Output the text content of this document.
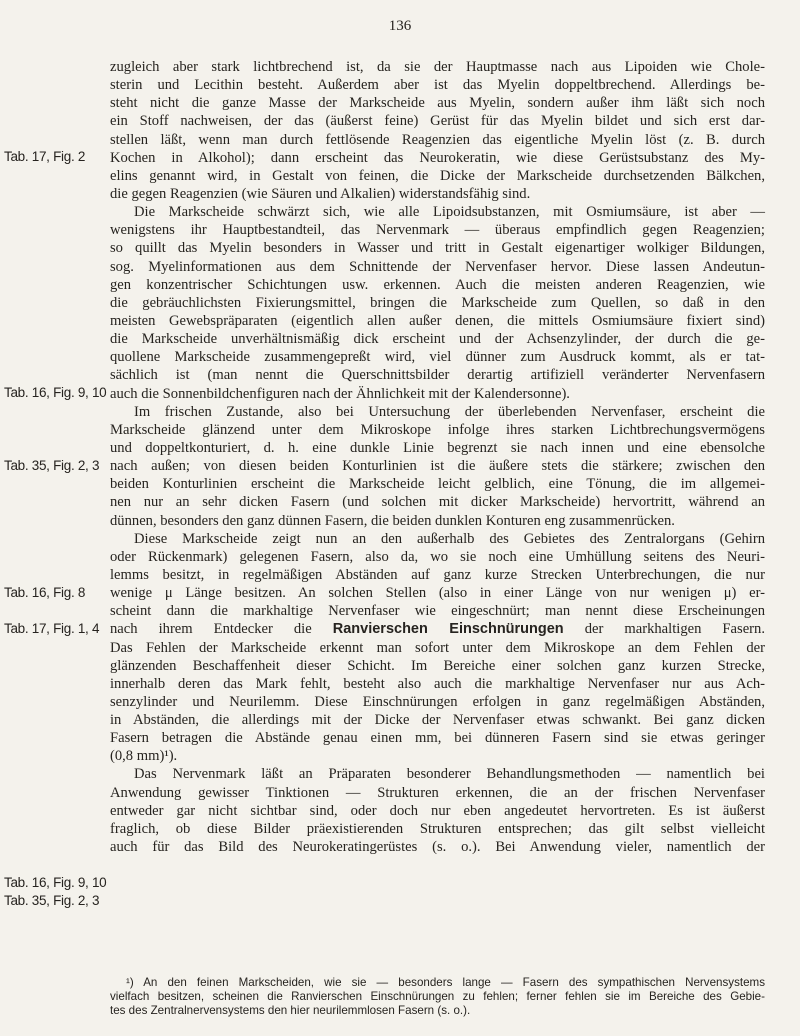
136
Tab. 17, Fig. 2
Tab. 16, Fig. 9, 10
Tab. 35, Fig. 2, 3
Tab. 16, Fig. 8
Tab. 17, Fig. 1, 4
Tab. 16, Fig. 9, 10
Tab. 35, Fig. 2, 3
zugleich aber stark lichtbrechend ist, da sie der Hauptmasse nach aus Lipoiden wie Chole-
sterin und Lecithin besteht. Außerdem aber ist das Myelin doppeltbrechend. Allerdings be-
steht nicht die ganze Masse der Markscheide aus Myelin, sondern außer ihm läßt sich noch
ein Stoff nachweisen, der das (äußerst feine) Gerüst für das Myelin bildet und sich erst dar-
stellen läßt, wenn man durch fettlösende Reagenzien das eigentliche Myelin löst (z. B. durch
Kochen in Alkohol); dann erscheint das Neurokeratin, wie diese Gerüstsubstanz des My-
elins genannt wird, in Gestalt von feinen, die Dicke der Markscheide durchsetzenden Bälkchen,
die gegen Reagenzien (wie Säuren und Alkalien) widerstandsfähig sind.
Die Markscheide schwärzt sich, wie alle Lipoidsubstanzen, mit Osmiumsäure, ist aber —
wenigstens ihr Hauptbestandteil, das Nervenmark — überaus empfindlich gegen Reagenzien;
so quillt das Myelin besonders in Wasser und tritt in Gestalt eigenartiger wolkiger Bildungen,
sog. Myelinformationen aus dem Schnittende der Nervenfaser hervor. Diese lassen Andeutun-
gen konzentrischer Schichtungen usw. erkennen. Auch die meisten anderen Reagenzien, wie
die gebräuchlichsten Fixierungsmittel, bringen die Markscheide zum Quellen, so daß in den
meisten Gewebspräparaten (eigentlich allen außer denen, die mittels Osmiumsäure fixiert sind)
die Markscheide unverhältnismäßig dick erscheint und der Achsenzylinder, der durch die ge-
quollene Markscheide zusammengepreßt wird, viel dünner zum Ausdruck kommt, als er tat-
sächlich ist (man nennt die Querschnittsbilder derartig artifiziell veränderter Nervenfasern
auch die Sonnenbildchenfiguren nach der Ähnlichkeit mit der Kalendersonne).
Im frischen Zustande, also bei Untersuchung der überlebenden Nervenfaser, erscheint die
Markscheide glänzend unter dem Mikroskope infolge ihres starken Lichtbrechungsvermögens
und doppeltkonturiert, d. h. eine dunkle Linie begrenzt sie nach innen und eine ebensolche
nach außen; von diesen beiden Konturlinien ist die äußere stets die stärkere; zwischen den
beiden Konturlinien erscheint die Markscheide leicht gelblich, eine Tönung, die im allgemei-
nen nur an sehr dicken Fasern (und solchen mit dicker Markscheide) hervortritt, während an
dünnen, besonders den ganz dünnen Fasern, die beiden dunklen Konturen eng zusammenrücken.
Diese Markscheide zeigt nun an den außerhalb des Gebietes des Zentralorgans (Gehirn
oder Rückenmark) gelegenen Fasern, also da, wo sie noch eine Umhüllung seitens des Neuri-
lemms besitzt, in regelmäßigen Abständen auf ganz kurze Strecken Unterbrechungen, die nur
wenige μ Länge besitzen. An solchen Stellen (also in einer Länge von nur wenigen μ) er-
scheint dann die markhaltige Nervenfaser wie eingeschnürt; man nennt diese Erscheinungen
nach ihrem Entdecker die Ranvierschen Einschnürungen der markhaltigen Fasern.
Das Fehlen der Markscheide erkennt man sofort unter dem Mikroskope an dem Fehlen der
glänzenden Beschaffenheit dieser Schicht. Im Bereiche einer solchen ganz kurzen Strecke,
innerhalb deren das Mark fehlt, besteht also auch die markhaltige Nervenfaser nur aus Ach-
senzylinder und Neurilemm. Diese Einschnürungen erfolgen in ganz regelmäßigen Abständen,
in Abständen, die allerdings mit der Dicke der Nervenfaser etwas schwankt. Bei ganz dicken
Fasern betragen die Abstände genau einen mm, bei dünneren Fasern sind sie etwas geringer
(0,8 mm)¹).
Das Nervenmark läßt an Präparaten besonderer Behandlungsmethoden — namentlich bei
Anwendung gewisser Tinktionen — Strukturen erkennen, die an der frischen Nervenfaser
entweder gar nicht sichtbar sind, oder doch nur eben angedeutet hervortreten. Es ist äußerst
fraglich, ob diese Bilder präexistierenden Strukturen entsprechen; das gilt selbst vielleicht
auch für das Bild des Neurokeratingerüstes (s. o.). Bei Anwendung vieler, namentlich der
¹) An den feinen Markscheiden, wie sie — besonders lange — Fasern des sympathischen Nervensystems
vielfach besitzen, scheinen die Ranvierschen Einschnürungen zu fehlen; ferner fehlen sie im Bereiche des Gebie-
tes des Zentralnervensystems den hier neurilemmlosen Fasern (s. o.).
